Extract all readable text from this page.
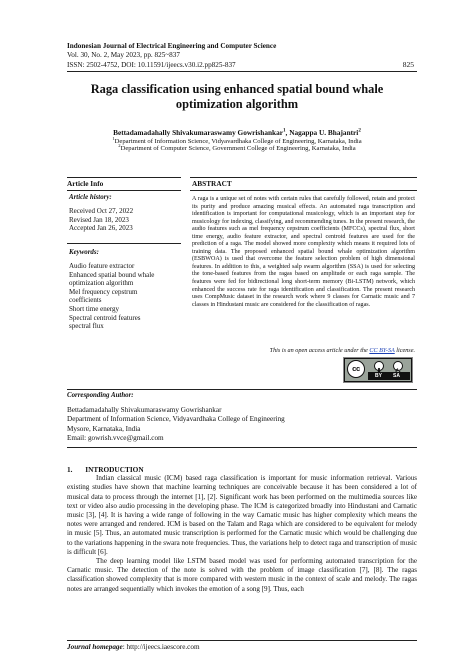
Indonesian Journal of Electrical Engineering and Computer Science
Vol. 30, No. 2, May 2023, pp. 825~837
ISSN: 2502-4752, DOI: 10.11591/ijeecs.v30.i2.pp825-837	825
Raga classification using enhanced spatial bound whale
optimization algorithm
Bettadamadahally Shivakumaraswamy Gowrishankar$^1$, Nagappa U. Bhajantri$^2$
$^1$Department of Information Science, Vidyavardhaka College of Engineering, Karnataka, India
$^2$Department of Computer Science, Government College of Engineering, Karnataka, India
Article Info
Article history:
Received Oct 27, 2022
Revised Jan 18, 2023
Accepted Jan 26, 2023
Keywords:
Audio feature extractor
Enhanced spatial bound whale
optimization algorithm
Mel frequency cepstrum
coefficients
Short time energy
Spectral centroid features
spectral flux
ABSTRACT
A raga is a unique set of notes with certain rules that carefully followed, retain and protect its purity and produce amazing musical effects. An automated raga transcription and identification is important for computational musicology, which is an important step for musicology for indexing, classifying, and recommending tunes. In the present research, the audio features such as mel frequency cepstrum coefficients (MFCCs), spectral flux, short time energy, audio feature extractor, and spectral centroid features are used for the prediction of a raga. The model showed more complexity which means it required lots of training data. The proposed enhanced spatial bound whale optimization algorithm (ESBWOA) is used that overcome the feature selection problem of high dimensional features. In addition to this, a weighted salp swarm algorithm (SSA) is used for selecting the tone-based features from the ragas based on amplitude or each raga sample. The features were fed for bidirectional long short-term memory (Bi-LSTM) network, which enhanced the success rate for raga identification and classification. The present research uses CompMusic dataset in the research work where 9 classes for Carnatic music and 7 classes in Hindustani music are considered for the classification of ragas.
This is an open access article under the CC BY-SA license.
cc
BY SA
Corresponding Author:
Bettadamadahally Shivakumaraswamy Gowrishankar
Department of Information Science, Vidyavardhaka College of Engineering
Mysore, Karnataka, India
Email: gowrish.vvce@gmail.com
1.       INTRODUCTION

Indian classical music (ICM) based raga classification is important for music information retrieval. Various existing studies have shown that machine learning techniques are conceivable because it has been considered a lot of musical data to process through the internet [1], [2]. Significant work has been performed on the multimedia sources like text or video also audio processing in the developing phase. The ICM is categorized broadly into Hindustani and Carnatic music [3], [4]. It is having a wide range of following in the way Carnatic music has higher complexity which means the notes were arranged and rendered. ICM is based on the Talam and Raga which are considered to be equivalent for melody in music [5]. Thus, an automated music transcription is performed for the Carnatic music which would be challenging due to the variations happening in the swara note frequencies. Thus, the variations help to detect raga and transcription of music is difficult [6].

The deep learning model like LSTM based model was used for performing automated transcription for the Carnatic music. The detection of the note is solved with the problem of image classification [7], [8]. The ragas classification showed complexity that is more compared with western music in the context of scale and melody. The ragas notes are arranged sequentially which invokes the emotion of a song [9]. Thus, each

Journal homepage: http://ijeecs.iaescore.com
